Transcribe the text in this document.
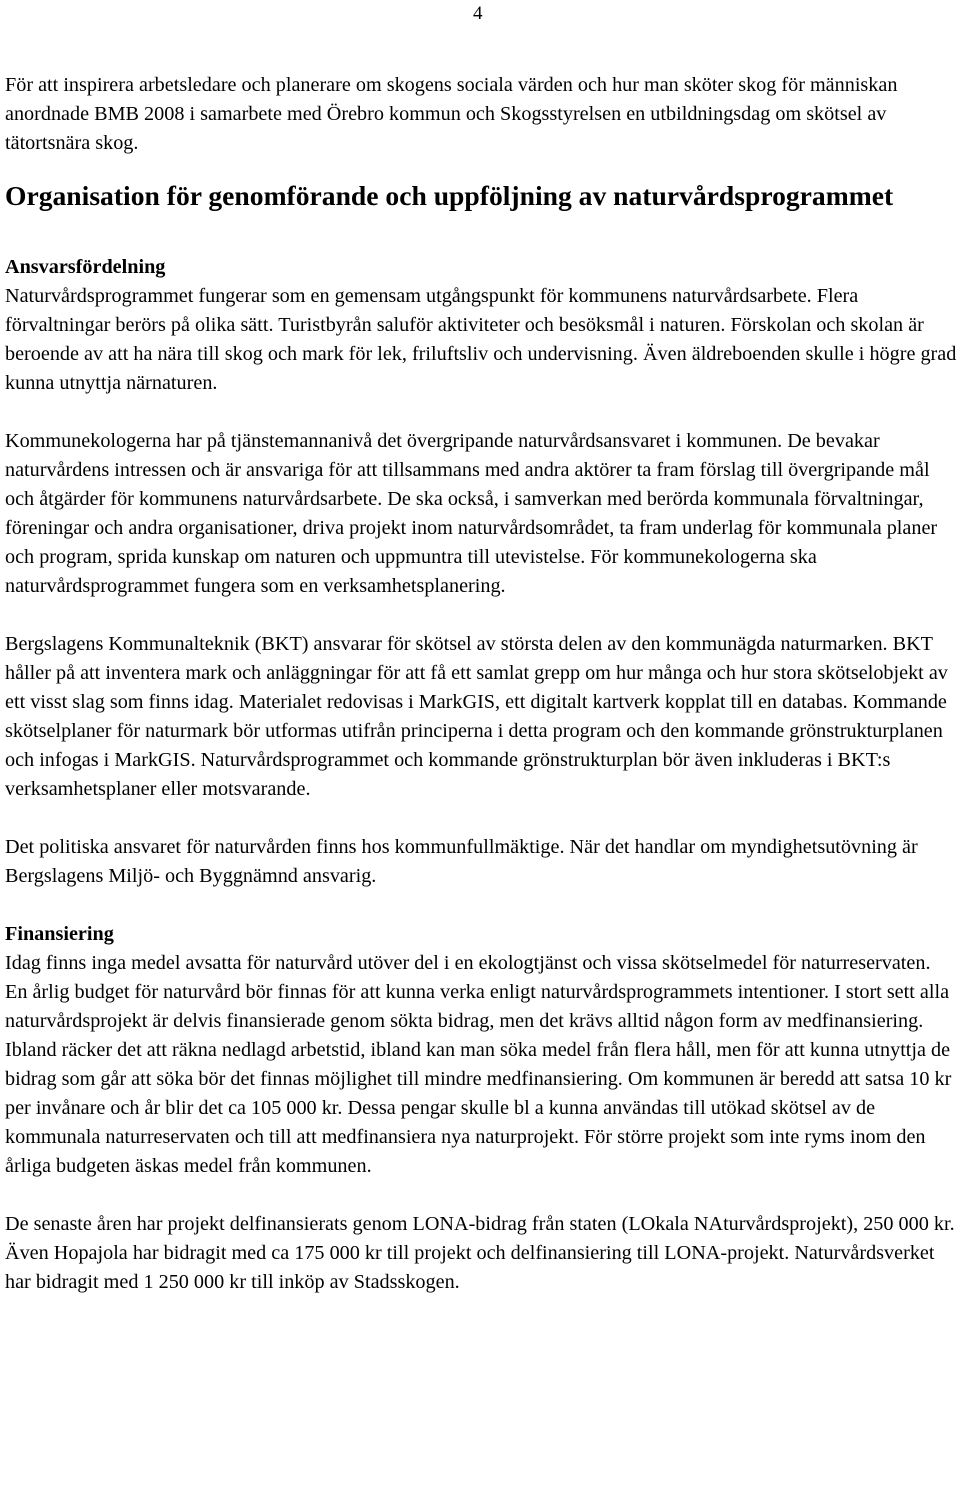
4

För att inspirera arbetsledare och planerare om skogens sociala värden och hur man sköter skog för människan anordnade BMB 2008 i samarbete med Örebro kommun och Skogsstyrelsen en utbildningsdag om skötsel av tätortsnära skog.

Organisation för genomförande och uppföljning av naturvårdsprogrammet
Ansvarsfördelning

Naturvårdsprogrammet fungerar som en gemensam utgångspunkt för kommunens naturvårdsarbete. Flera förvaltningar berörs på olika sätt. Turistbyrån saluför aktiviteter och besöksmål i naturen. Förskolan och skolan är beroende av att ha nära till skog och mark för lek, friluftsliv och undervisning. Även äldreboenden skulle i högre grad kunna utnyttja närnaturen.

Kommunekologerna har på tjänstemannanivå det övergripande naturvårdsansvaret i kommunen. De bevakar naturvårdens intressen och är ansvariga för att tillsammans med andra aktörer ta fram förslag till övergripande mål och åtgärder för kommunens naturvårdsarbete. De ska också, i samverkan med berörda kommunala förvaltningar, föreningar och andra organisationer, driva projekt inom naturvårdsområdet, ta fram underlag för kommunala planer och program, sprida kunskap om naturen och uppmuntra till utevistelse. För kommunekologerna ska naturvårdsprogrammet fungera som en verksamhetsplanering.

Bergslagens Kommunalteknik (BKT) ansvarar för skötsel av största delen av den kommunägda naturmarken. BKT håller på att inventera mark och anläggningar för att få ett samlat grepp om hur många och hur stora skötselobjekt av ett visst slag som finns idag. Materialet redovisas i MarkGIS, ett digitalt kartverk kopplat till en databas. Kommande skötselplaner för naturmark bör utformas utifrån principerna i detta program och den kommande grönstrukturplanen och infogas i MarkGIS. Naturvårdsprogrammet och kommande grönstrukturplan bör även inkluderas i BKT:s verksamhetsplaner eller motsvarande.

Det politiska ansvaret för naturvården finns hos kommunfullmäktige. När det handlar om myndighetsutövning är Bergslagens Miljö- och Byggnämnd ansvarig.

Finansiering

Idag finns inga medel avsatta för naturvård utöver del i en ekologtjänst och vissa skötselmedel för naturreservaten. En årlig budget för naturvård bör finnas för att kunna verka enligt naturvårdsprogrammets intentioner. I stort sett alla naturvårdsprojekt är delvis finansierade genom sökta bidrag, men det krävs alltid någon form av medfinansiering. Ibland räcker det att räkna nedlagd arbetstid, ibland kan man söka medel från flera håll, men för att kunna utnyttja de bidrag som går att söka bör det finnas möjlighet till mindre medfinansiering. Om kommunen är beredd att satsa 10 kr per invånare och år blir det ca 105 000 kr. Dessa pengar skulle bl a kunna användas till utökad skötsel av de kommunala naturreservaten och till att medfinansiera nya naturprojekt. För större projekt som inte ryms inom den årliga budgeten äskas medel från kommunen.

De senaste åren har projekt delfinansierats genom LONA-bidrag från staten (LOkala NAturvårdsprojekt), 250 000 kr. Även Hopajola har bidragit med ca 175 000 kr till projekt och delfinansiering till LONA-projekt. Naturvårdsverket har bidragit med 1 250 000 kr till inköp av Stadsskogen.
